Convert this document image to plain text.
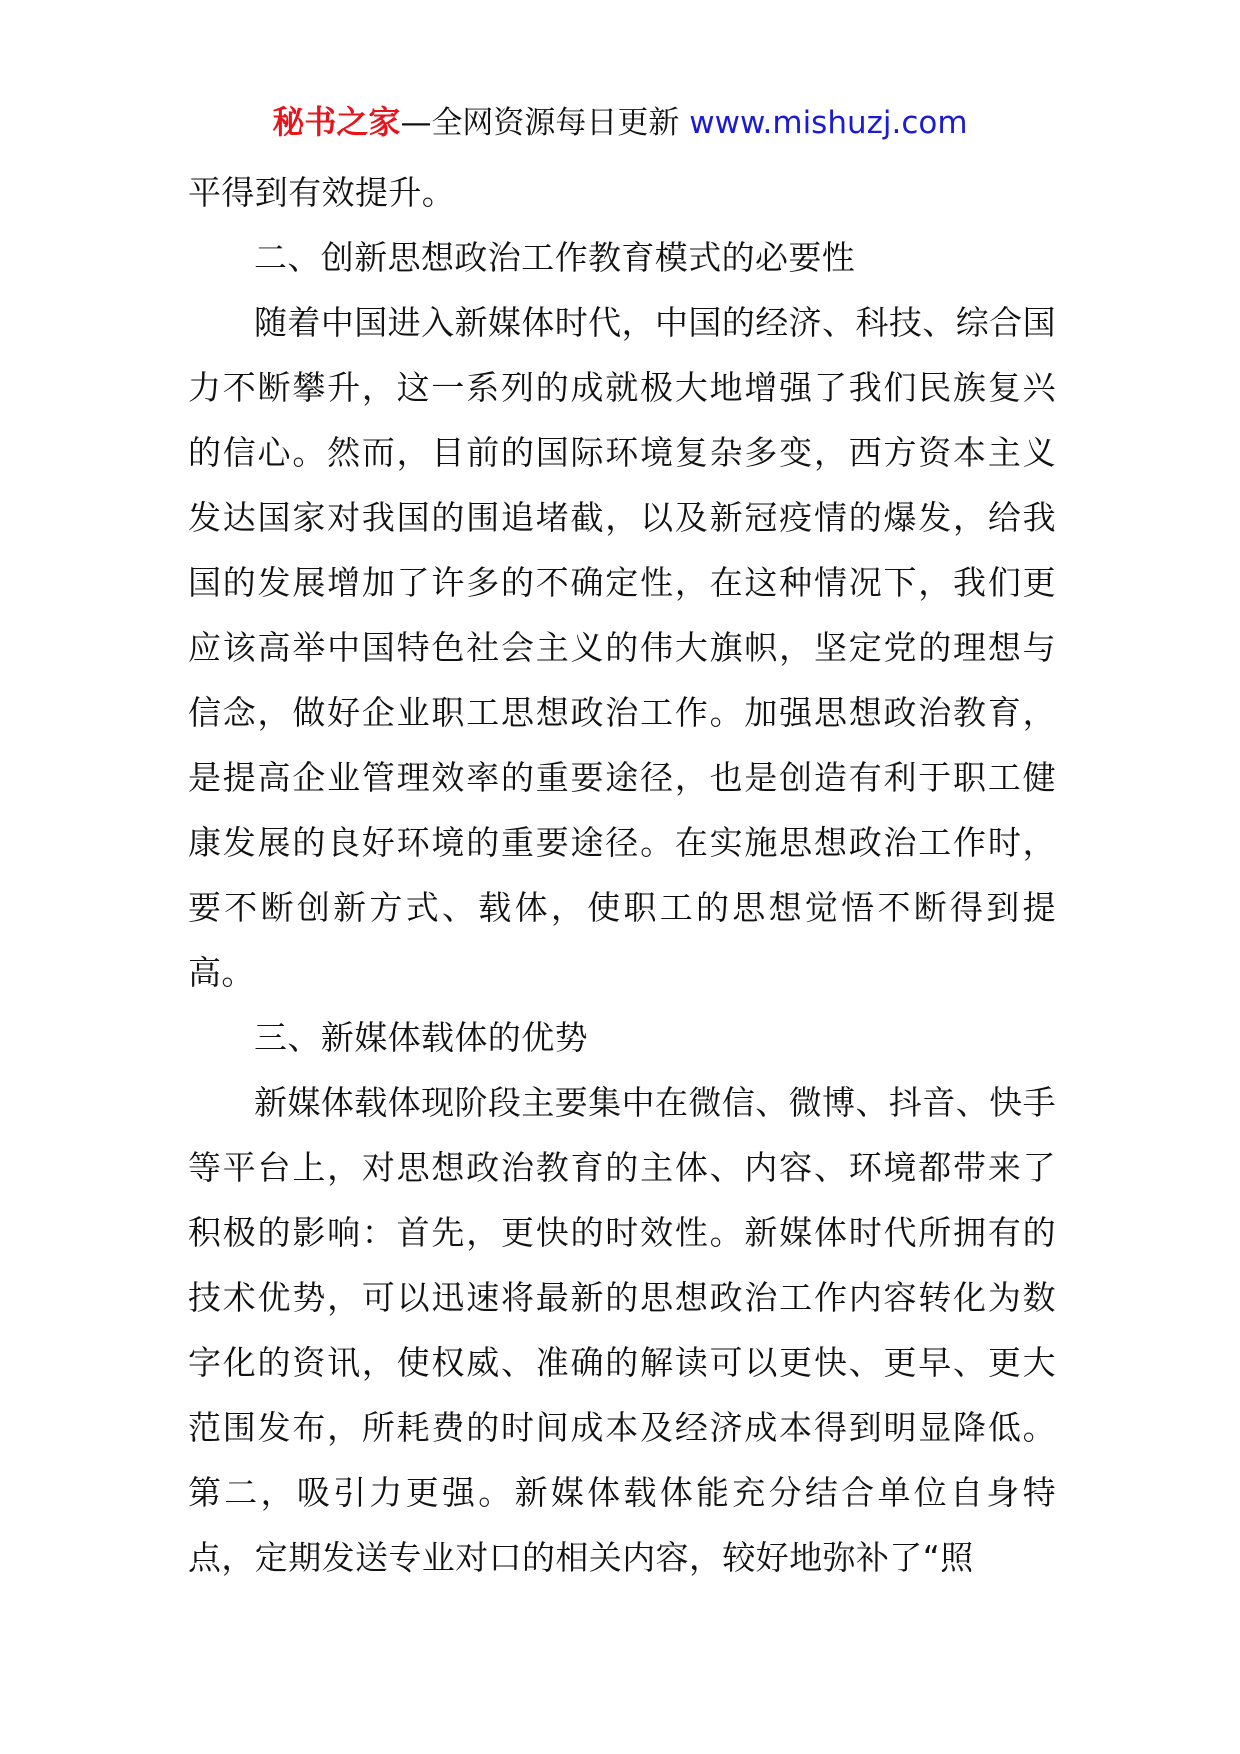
秘书之家—全网资源每日更新 www.mishuzj.com

平得到有效提升。

二、创新思想政治工作教育模式的必要性

随着中国进入新媒体时代，中国的经济、科技、综合国力不断攀升，这一系列的成就极大地增强了我们民族复兴的信心。然而，目前的国际环境复杂多变，西方资本主义发达国家对我国的围追堵截，以及新冠疫情的爆发，给我国的发展增加了许多的不确定性，在这种情况下，我们更应该高举中国特色社会主义的伟大旗帜，坚定党的理想与信念，做好企业职工思想政治工作。加强思想政治教育，是提高企业管理效率的重要途径，也是创造有利于职工健康发展的良好环境的重要途径。在实施思想政治工作时，要不断创新方式、载体，使职工的思想觉悟不断得到提高。

三、新媒体载体的优势

新媒体载体现阶段主要集中在微信、微博、抖音、快手等平台上，对思想政治教育的主体、内容、环境都带来了积极的影响：首先，更快的时效性。新媒体时代所拥有的技术优势，可以迅速将最新的思想政治工作内容转化为数字化的资讯，使权威、准确的解读可以更快、更早、更大范围发布，所耗费的时间成本及经济成本得到明显降低。第二，吸引力更强。新媒体载体能充分结合单位自身特点，定期发送专业对口的相关内容，较好地弥补了“照
